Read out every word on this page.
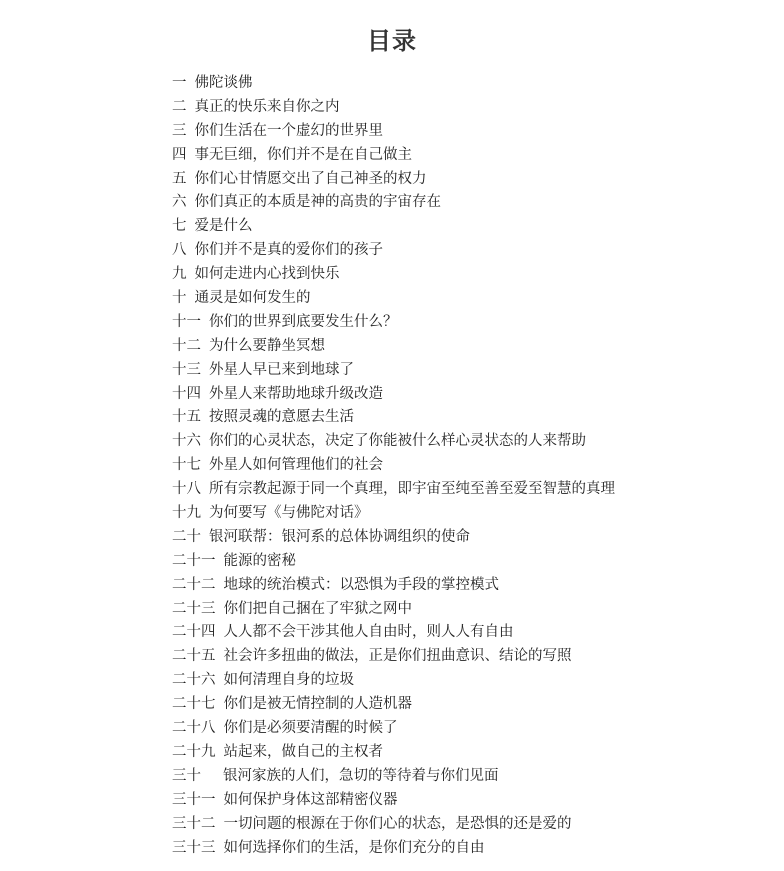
目录
一 佛陀谈佛
二 真正的快乐来自你之内
三 你们生活在一个虚幻的世界里
四 事无巨细，你们并不是在自己做主
五 你们心甘情愿交出了自己神圣的权力
六 你们真正的本质是神的高贵的宇宙存在
七 爱是什么
八 你们并不是真的爱你们的孩子
九 如何走进内心找到快乐
十 通灵是如何发生的
十一 你们的世界到底要发生什么？
十二 为什么要静坐冥想
十三 外星人早已来到地球了
十四 外星人来帮助地球升级改造
十五 按照灵魂的意愿去生活
十六 你们的心灵状态，决定了你能被什么样心灵状态的人来帮助
十七 外星人如何管理他们的社会
十八 所有宗教起源于同一个真理，即宇宙至纯至善至爱至智慧的真理
十九 为何要写《与佛陀对话》
二十 银河联帮：银河系的总体协调组织的使命
二十一 能源的密秘
二十二 地球的统治模式：以恐惧为手段的掌控模式
二十三 你们把自己捆在了牢狱之网中
二十四 人人都不会干涉其他人自由时，则人人有自由
二十五 社会许多扭曲的做法，正是你们扭曲意识、结论的写照
二十六 如何清理自身的垃圾
二十七 你们是被无情控制的人造机器
二十八 你们是必须要清醒的时候了
二十九 站起来，做自己的主权者
三十 银河家族的人们，急切的等待着与你们见面
三十一 如何保护身体这部精密仪器
三十二 一切问题的根源在于你们心的状态，是恐惧的还是爱的
三十三 如何选择你们的生活，是你们充分的自由
